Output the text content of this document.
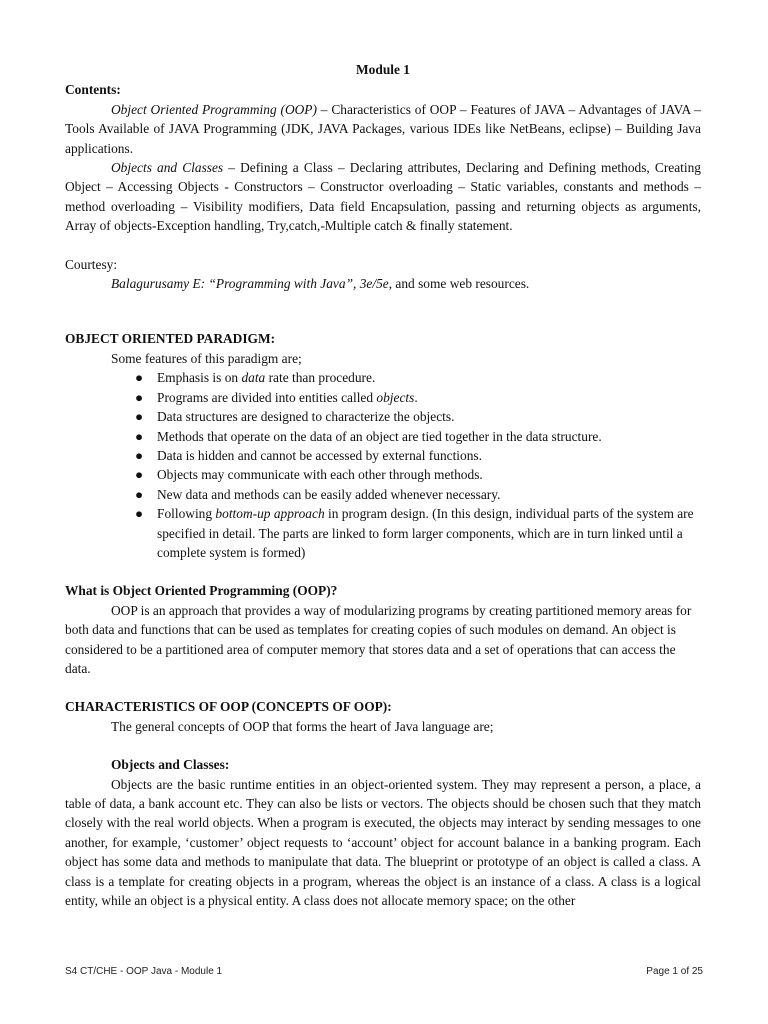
Module 1

Contents:

Object Oriented Programming (OOP) – Characteristics of OOP – Features of JAVA – Advantages of JAVA – Tools Available of JAVA Programming (JDK, JAVA Packages, various IDEs like NetBeans, eclipse) – Building Java applications.

Objects and Classes – Defining a Class – Declaring attributes, Declaring and Defining methods, Creating Object – Accessing Objects - Constructors – Constructor overloading – Static variables, constants and methods – method overloading – Visibility modifiers, Data field Encapsulation, passing and returning objects as arguments, Array of objects-Exception handling, Try,catch,-Multiple catch & finally statement.

Courtesy:

Balagurusamy E: “Programming with Java”, 3e/5e, and some web resources.

OBJECT ORIENTED PARADIGM:

Some features of this paradigm are;

● Emphasis is on data rate than procedure.
● Programs are divided into entities called objects.
● Data structures are designed to characterize the objects.
● Methods that operate on the data of an object are tied together in the data structure.
● Data is hidden and cannot be accessed by external functions.
● Objects may communicate with each other through methods.
● New data and methods can be easily added whenever necessary.
● Following bottom-up approach in program design. (In this design, individual parts of the system are specified in detail. The parts are linked to form larger components, which are in turn linked until a complete system is formed)

What is Object Oriented Programming (OOP)?

OOP is an approach that provides a way of modularizing programs by creating partitioned memory areas for both data and functions that can be used as templates for creating copies of such modules on demand. An object is considered to be a partitioned area of computer memory that stores data and a set of operations that can access the data.

CHARACTERISTICS OF OOP (CONCEPTS OF OOP):

The general concepts of OOP that forms the heart of Java language are;

Objects and Classes:

Objects are the basic runtime entities in an object-oriented system. They may represent a person, a place, a table of data, a bank account etc. They can also be lists or vectors. The objects should be chosen such that they match closely with the real world objects. When a program is executed, the objects may interact by sending messages to one another, for example, ‘customer’ object requests to ‘account’ object for account balance in a banking program. Each object has some data and methods to manipulate that data. The blueprint or prototype of an object is called a class. A class is a template for creating objects in a program, whereas the object is an instance of a class. A class is a logical entity, while an object is a physical entity. A class does not allocate memory space; on the other

S4 CT/CHE - OOP Java - Module 1	Page 1 of 25
